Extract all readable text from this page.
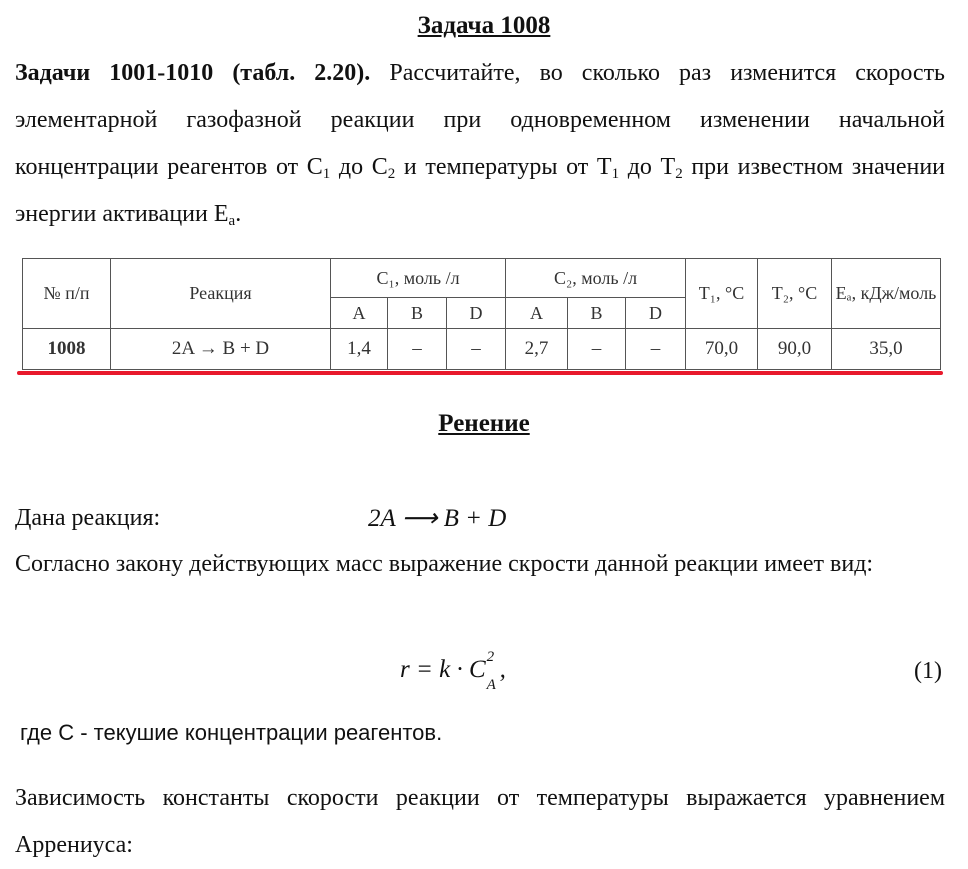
Задача 1008
Задачи 1001-1010 (табл. 2.20). Рассчитайте, во сколько раз изменится скорость элементарной газофазной реакции при одновременном изменении начальной концентрации реагентов от $С_1$ до $С_2$ и температуры от $Т_1$ до $Т_2$ при известном значении энергии активации $Е_a$.
№ п/п	Реакция	C₁, моль /л			C₂, моль /л			T₁, °C	T₂, °C	Eₐ, кДж/моль
		A	B	D	A	B	D			
1008	2A → B + D	1,4	–	–	2,7	–	–	70,0	90,0	35,0
Ренение
Дана реакция:	2A ⟶ B + D
Согласно закону действующих масс выражение скрости данной реакции имеет вид:
r = k · C 2
A
,	(1)
где С - текушие концентрации реагентов.
Зависимость константы скорости реакции от температуры выражается уравнением Аррениуса:
